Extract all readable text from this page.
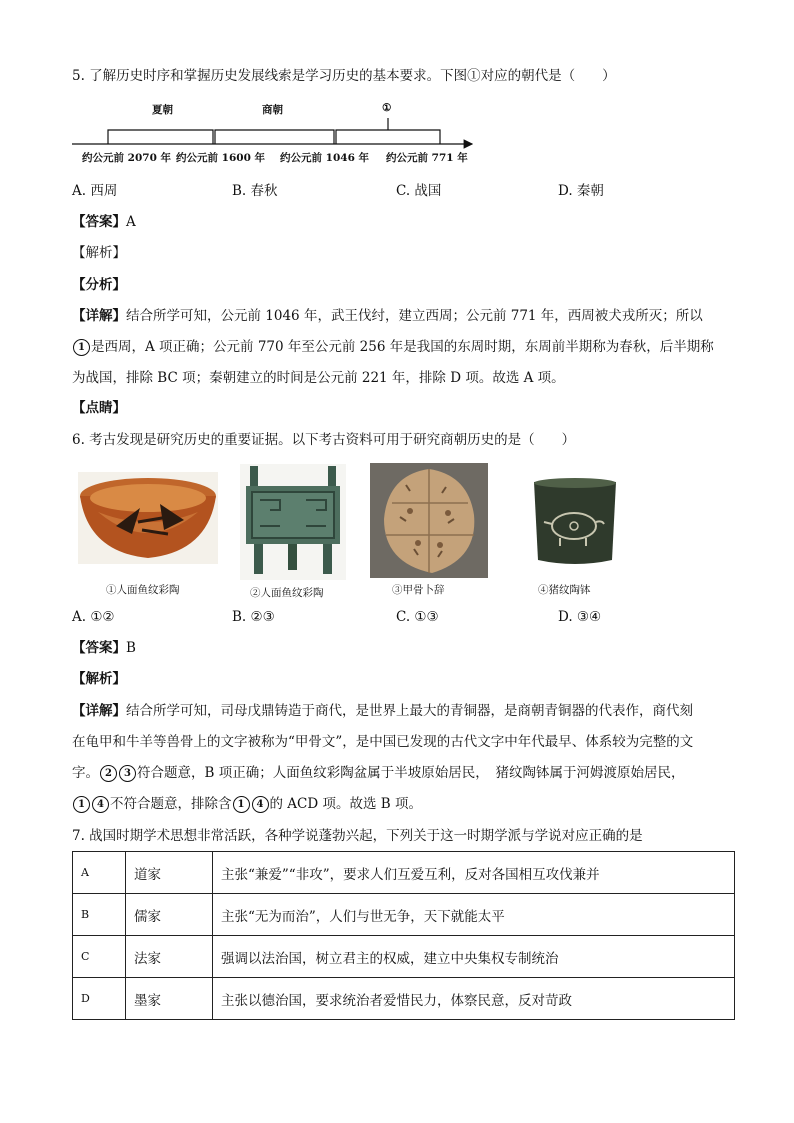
5. 了解历史时序和掌握历史发展线索是学习历史的基本要求。下图①对应的朝代是（　　）
夏朝	商朝	①
约公元前 2070 年 约公元前 1600 年 约公元前 1046 年 约公元前 771 年
A. 西周	B. 春秋	C. 战国	D. 秦朝
【答案】A
【解析】
【分析】
【详解】结合所学可知，公元前 1046 年，武王伐纣，建立西周；公元前 771 年，西周被犬戎所灭；所以
1 是西周，A 项正确；公元前 770 年至公元前 256 年是我国的东周时期，东周前半期称为春秋，后半期称
为战国，排除 BC 项；秦朝建立的时间是公元前 221 年，排除 D 项。故选 A 项。
【点睛】
6. 考古发现是研究历史的重要证据。以下考古资料可用于研究商朝历史的是（　　）
①人面鱼纹彩陶	②人面鱼纹彩陶	③甲骨卜辞	④猪纹陶钵
A. ①②	B. ②③	C. ①③	D. ③④
【答案】B
【解析】
【详解】结合所学可知，司母戊鼎铸造于商代，是世界上最大的青铜器，是商朝青铜器的代表作，商代刻
在龟甲和牛羊等兽骨上的文字被称为“甲骨文”，是中国已发现的古代文字中年代最早、体系较为完整的文
字。 2 3 符合题意，B 项正确；人面鱼纹彩陶盆属于半坡原始居民，　猪纹陶钵属于河姆渡原始居民，
1 4 不符合题意，排除含 1 4 的 ACD 项。故选 B 项。
7. 战国时期学术思想非常活跃，各种学说蓬勃兴起，下列关于这一时期学派与学说对应正确的是
A	道家	主张“兼爱”“非攻”，要求人们互爱互利，反对各国相互攻伐兼并
B	儒家	主张“无为而治”，人们与世无争，天下就能太平
C	法家	强调以法治国，树立君主的权威，建立中央集权专制统治
D	墨家	主张以德治国，要求统治者爱惜民力，体察民意，反对苛政
